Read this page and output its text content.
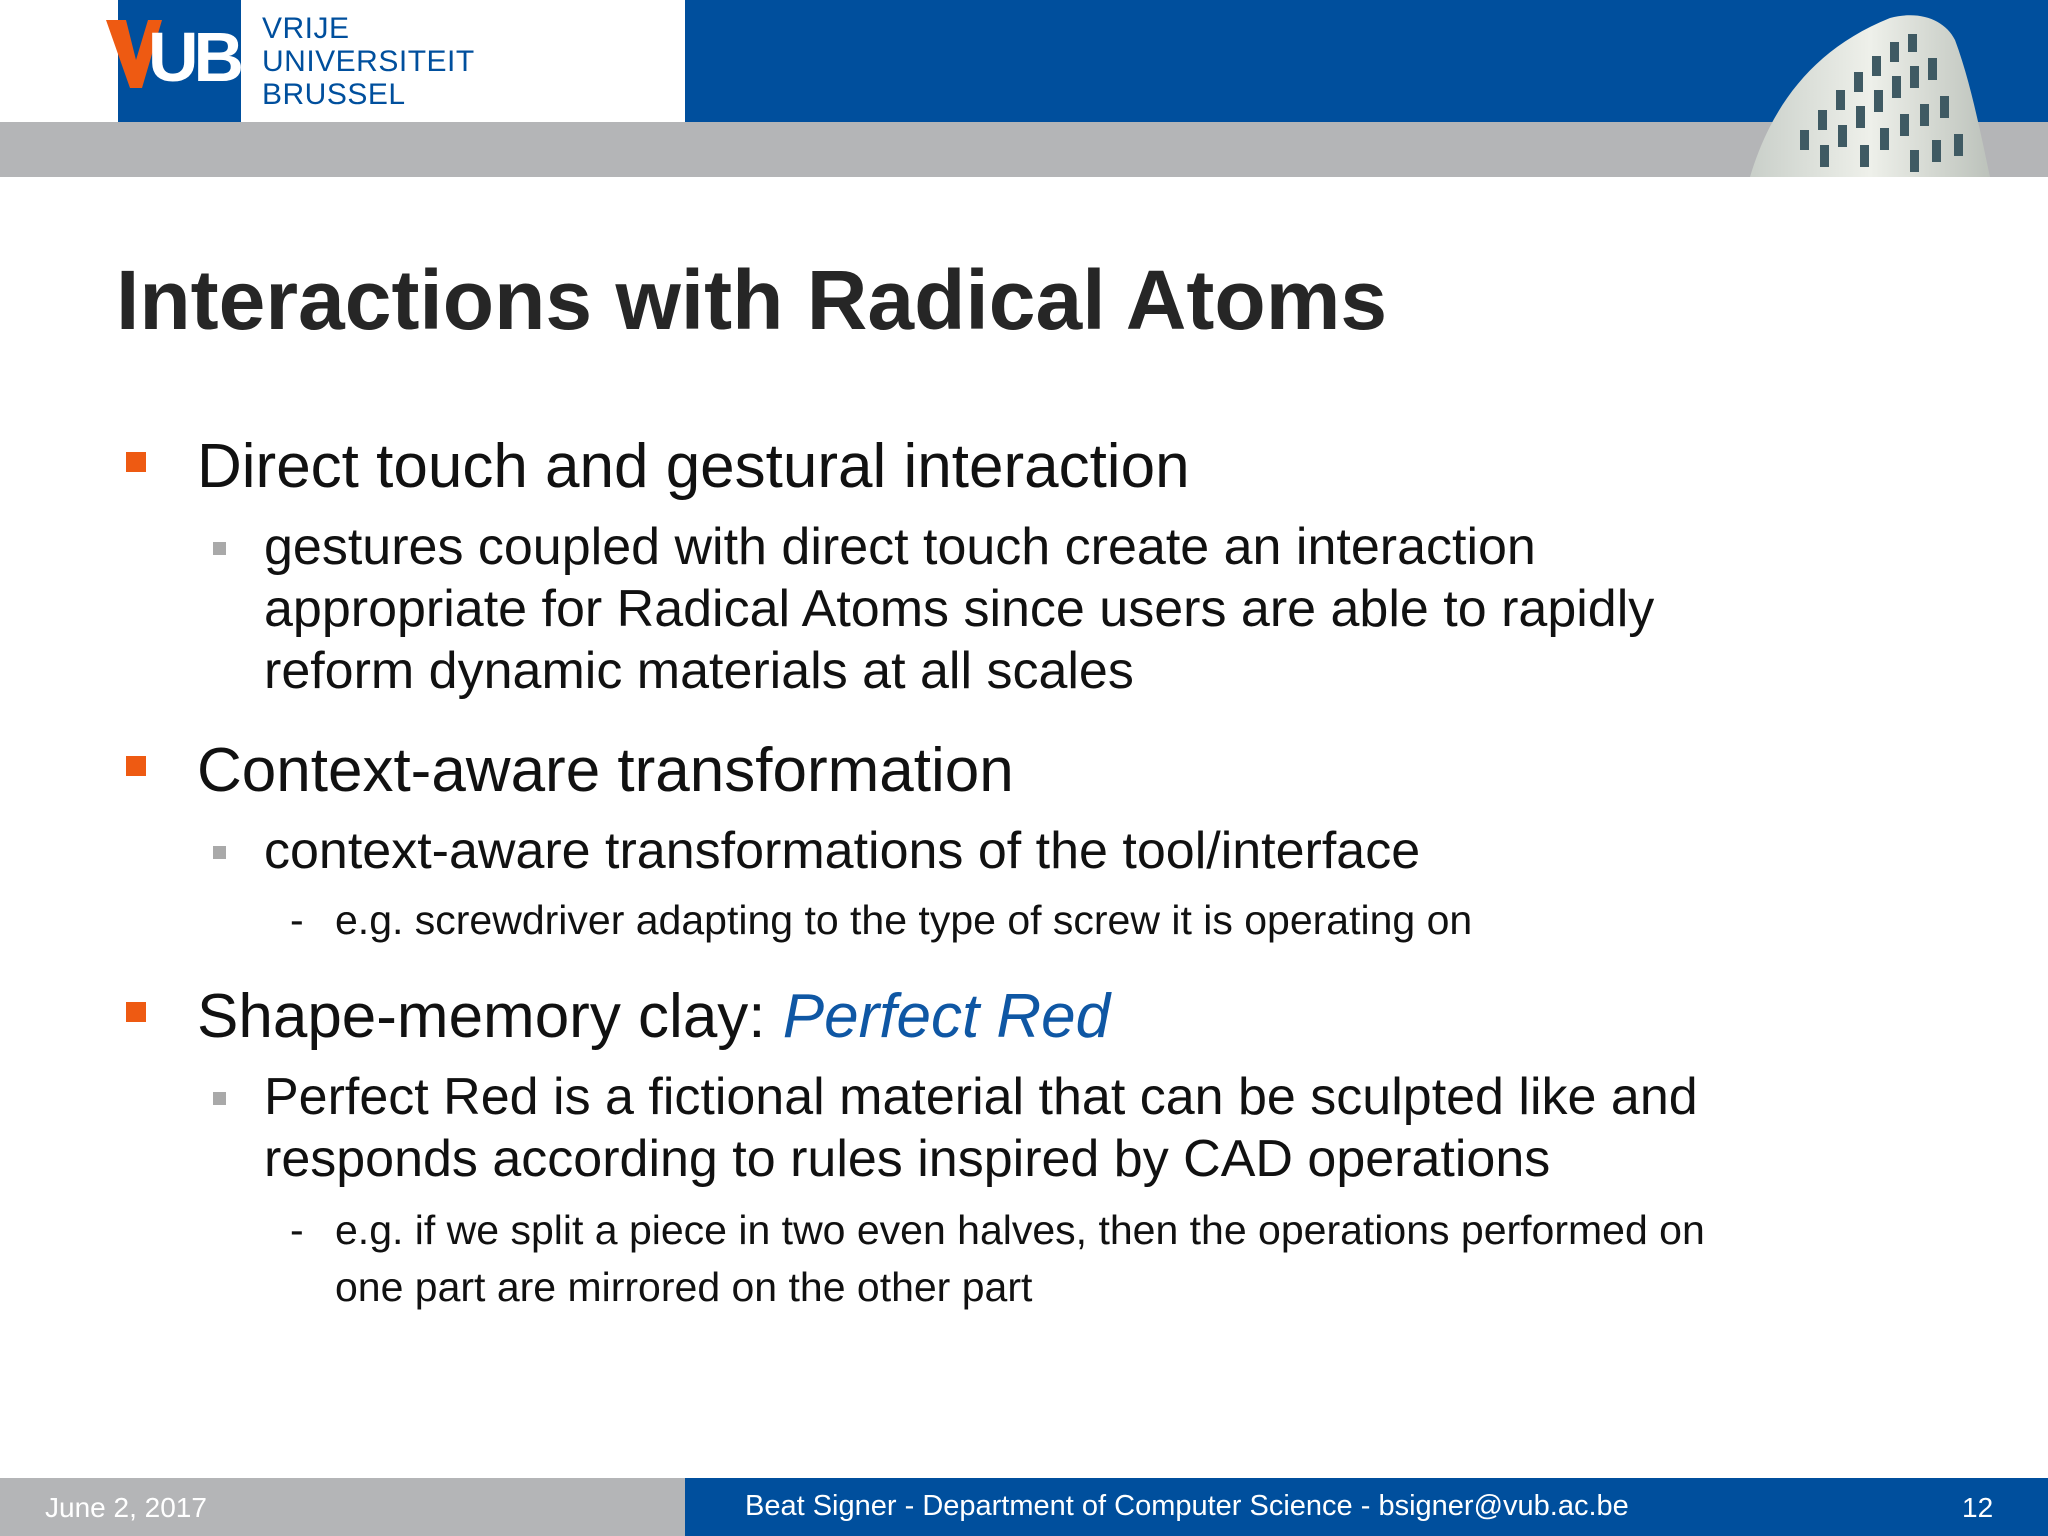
UB VRIJE
UNIVERSITEIT
BRUSSEL
Interactions with Radical Atoms
Direct touch and gestural interaction
gestures coupled with direct touch create an interaction
appropriate for Radical Atoms since users are able to rapidly
reform dynamic materials at all scales
Context-aware transformation
context-aware transformations of the tool/interface
- e.g. screwdriver adapting to the type of screw it is operating on
Shape-memory clay: Perfect Red
Perfect Red is a fictional material that can be sculpted like and
responds according to rules inspired by CAD operations
- e.g. if we split a piece in two even halves, then the operations performed on
one part are mirrored on the other part
June 2, 2017	Beat Signer - Department of Computer Science - bsigner@vub.ac.be	12
